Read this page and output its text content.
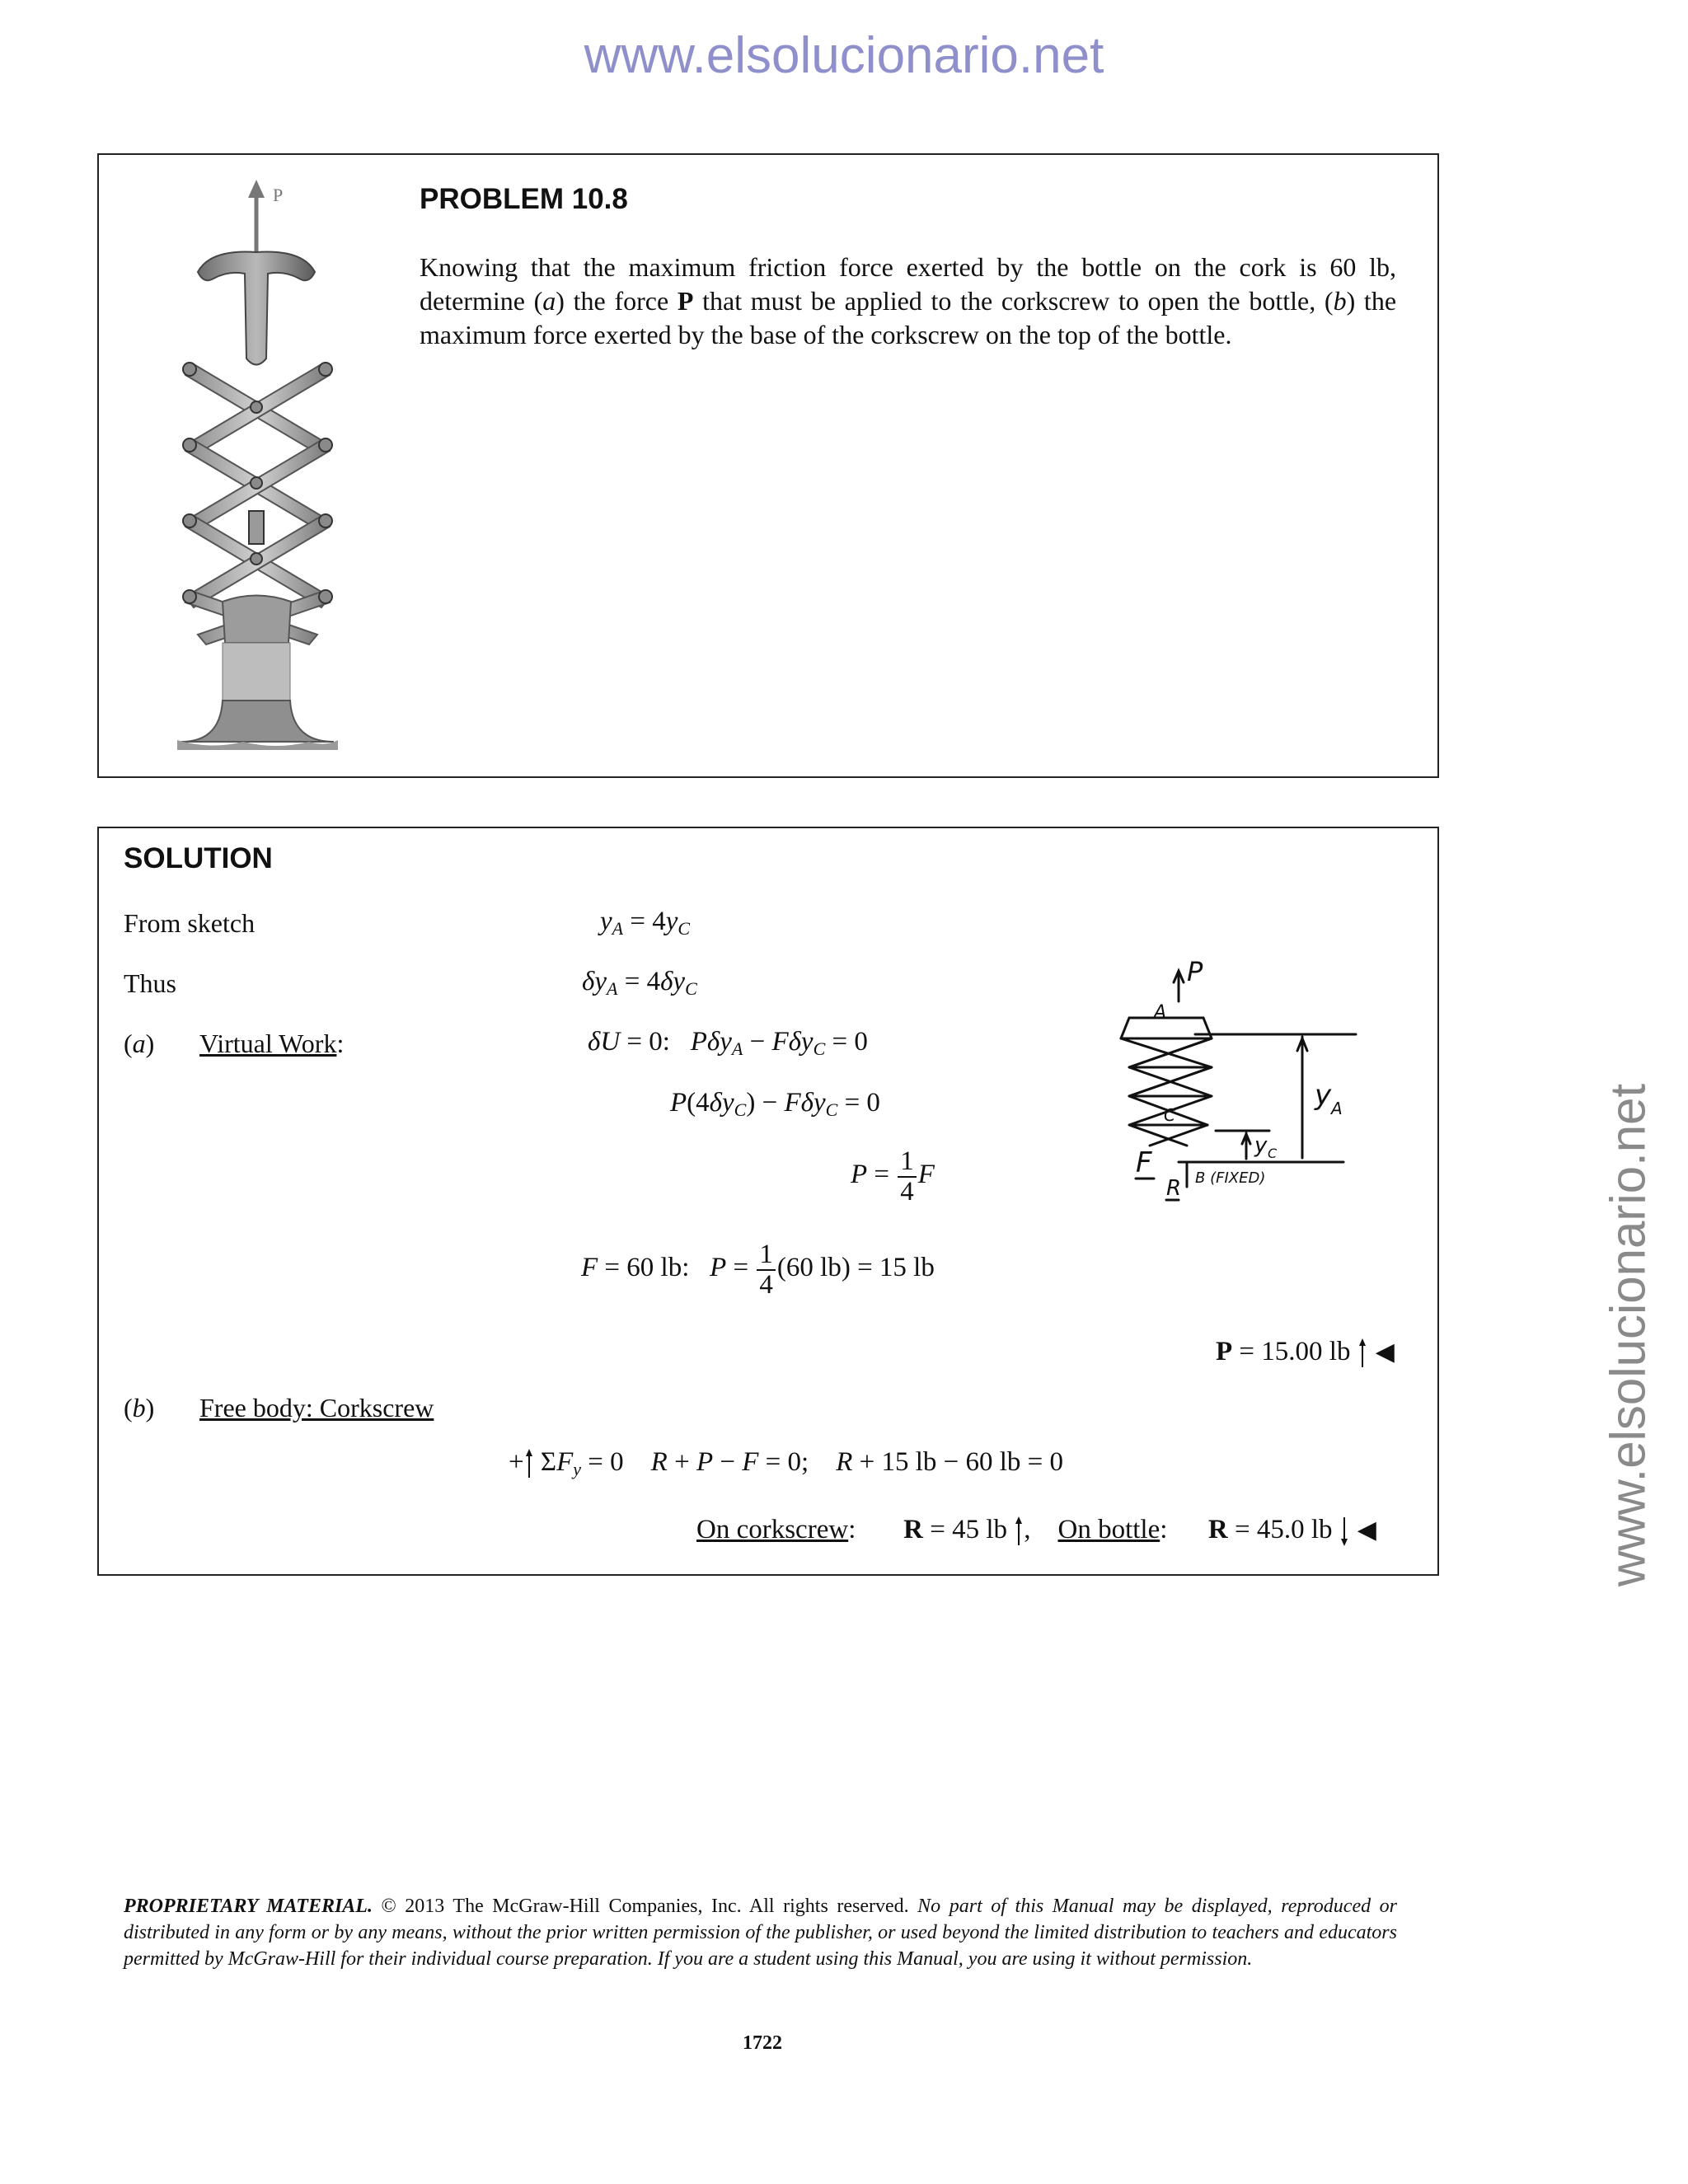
www.elsolucionario.net
www.elsolucionario.net
P	PROBLEM 10.8
Knowing that the maximum friction force exerted by the bottle on the cork is 60 lb, determine (a) the force P that must be applied to the corkscrew to open the bottle, (b) the maximum force exerted by the base of the corkscrew on the top of the bottle.
SOLUTION
From sketch	$y_A = 4y_C$
Thus	$\delta y_A = 4\delta y_C$
(a) Virtual Work:	δU = 0:   Pδy$_A$ − Fδy$_C$ = 0
$P(4\delta y_C) - F\delta y_C = 0$
$P = \frac{1}{4}$ F
F = 60 lb:   $P = \frac{1}{4} (60$ lb) = 15 lb
P = 15.00 lb ◀
(b) Free body: Corkscrew
+ $\Sigma F_y = 0$    R + P − F = 0;    R + 15 lb − 60 lb = 0
On corkscrew:       R = 45 lb ,    On bottle:      R = 45.0 lb ◀
P
A
y A
C
y C
F
R B (FIXED)
PROPRIETARY MATERIAL. © 2013 The McGraw-Hill Companies, Inc. All rights reserved. No part of this Manual may be displayed, reproduced or distributed in any form or by any means, without the prior written permission of the publisher, or used beyond the limited distribution to teachers and educators permitted by McGraw-Hill for their individual course preparation. If you are a student using this Manual, you are using it without permission.
1722
